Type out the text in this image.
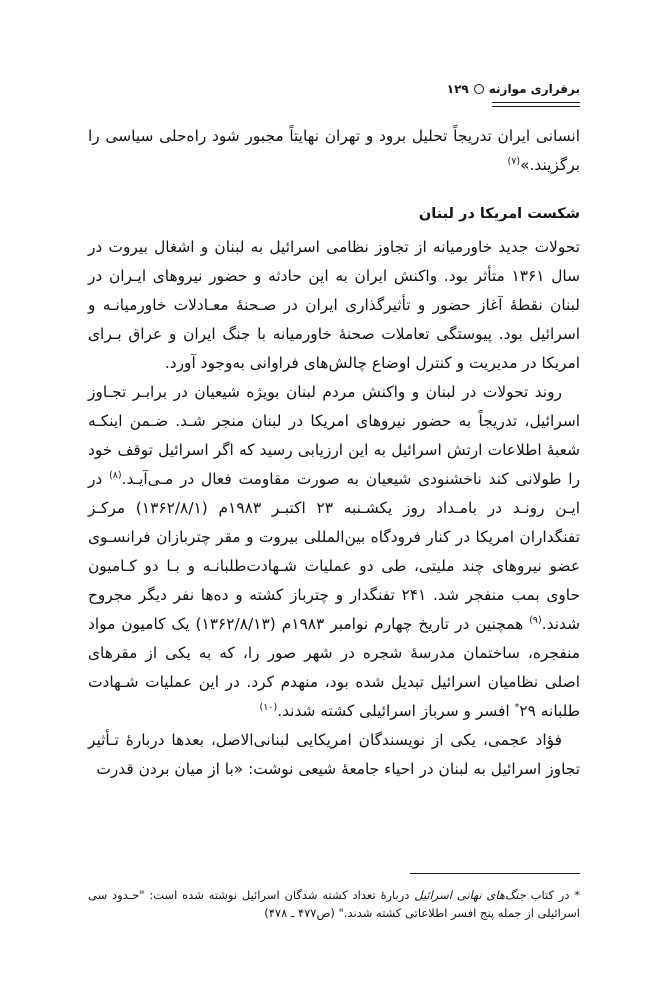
برقراری موازنه
۱۲۹

انسانی ایران تدریجاً تحلیل برود و تهران نهایتاً مجبور شود راه‌حلی سیاسی را برگزیند.»$^{(۷)}$

شکست امریکا در لبنان

تحولات جدید خاورمیانه از تجاوز نظامی اسرائیل به لبنان و اشغال بیروت در سال ۱۳۶۱ متأثر بود. واکنش ایران به این حادثه و حضور نیروهای ایـران در لبنان نقطهٔ آغاز حضور و تأثیرگذاری ایران در صـحنهٔ معـادلات خاورمیانـه و اسرائیل بود. پیوستگی تعاملات صحنهٔ خاورمیانه با جنگ ایران و عراق بـرای امریکا در مدیریت و کنترل اوضاع چالش‌های فراوانی به‌وجود آورد.

روند تحولات در لبنان و واکنش مردم لبنان بویژه شیعیان در برابـر تجـاوز اسرائیل، تدریجاً به حضور نیروهای امریکا در لبنان منجر شـد. ضـمن اینکـه شعبهٔ اطلاعات ارتش اسرائیل به این ارزیابی رسید که اگر اسرائیل توقف خود را طولانی کند ناخشنودی شیعیان به صورت مقاومت فعال در مـی‌آیـد.$^{(۸)}$ در ایـن رونـد در بامـداد روز یکشـنبه ۲۳ اکتبـر ۱۹۸۳م (۱۳۶۲/۸/۱) مرکـز تفنگداران امریکا در کنار فرودگاه بین‌المللی بیروت و مقر چتربازان فرانسـوی عضو نیروهای چند ملیتی، طی دو عملیات شـهادت‌طلبانـه و بـا دو کـامیون حاوی بمب منفجر شد. ۲۴۱ تفنگدار و چترباز کشته و ده‌ها نفر دیگر مجروح شدند.$^{(۹)}$ همچنین در تاریخ چهارم نوامبر ۱۹۸۳م (۱۳۶۲/۸/۱۳) یک کامیون مواد منفجره، ساختمان مدرسهٔ شجره در شهر صور را، که به یکی از مقرهای اصلی نظامیان اسرائیل تبدیل شده بود، منهدم کرد. در این عملیات شـهادت طلبانه ۲۹* افسر و سرباز اسرائیلی کشته شدند.$^{(۱۰)}$

فؤاد عجمی، یکی از نویسندگان امریکایی لبنانی‌الاصل، بعدها دربارهٔ تـأثیر تجاوز اسرائیل به لبنان در احیاء جامعهٔ شیعی نوشت: «با از میان بردن قدرت

* در کتاب جنگ‌های نهانی اسرائیل دربارهٔ تعداد کشته شدگان اسرائیل نوشته شده است: "حـدود سی اسرائیلی از جمله پنج افسر اطلاعاتی کشته شدند." (ص۴۷۷ ـ ۴۷۸)
